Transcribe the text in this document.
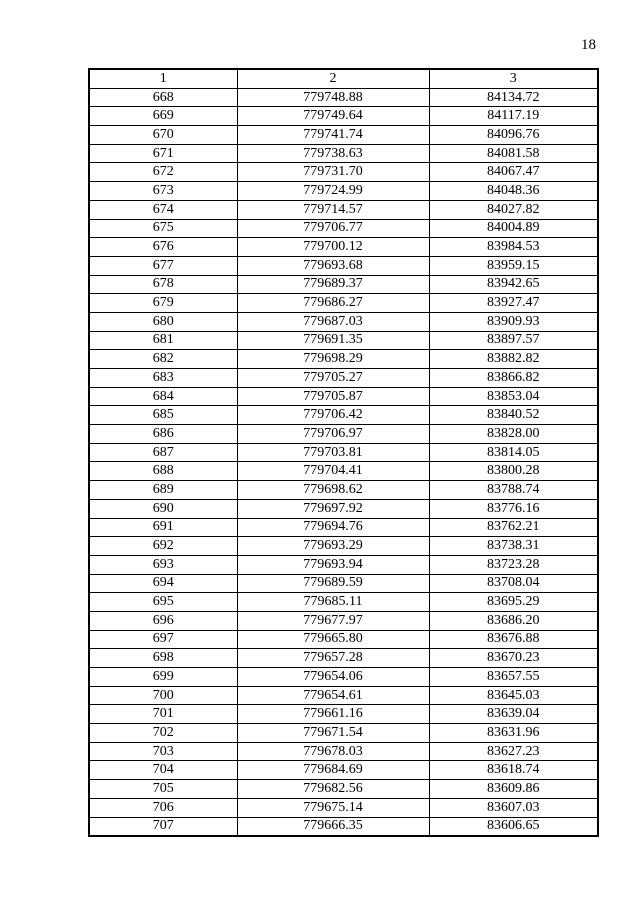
18
1	2	3
668	779748.88	84134.72
669	779749.64	84117.19
670	779741.74	84096.76
671	779738.63	84081.58
672	779731.70	84067.47
673	779724.99	84048.36
674	779714.57	84027.82
675	779706.77	84004.89
676	779700.12	83984.53
677	779693.68	83959.15
678	779689.37	83942.65
679	779686.27	83927.47
680	779687.03	83909.93
681	779691.35	83897.57
682	779698.29	83882.82
683	779705.27	83866.82
684	779705.87	83853.04
685	779706.42	83840.52
686	779706.97	83828.00
687	779703.81	83814.05
688	779704.41	83800.28
689	779698.62	83788.74
690	779697.92	83776.16
691	779694.76	83762.21
692	779693.29	83738.31
693	779693.94	83723.28
694	779689.59	83708.04
695	779685.11	83695.29
696	779677.97	83686.20
697	779665.80	83676.88
698	779657.28	83670.23
699	779654.06	83657.55
700	779654.61	83645.03
701	779661.16	83639.04
702	779671.54	83631.96
703	779678.03	83627.23
704	779684.69	83618.74
705	779682.56	83609.86
706	779675.14	83607.03
707	779666.35	83606.65
